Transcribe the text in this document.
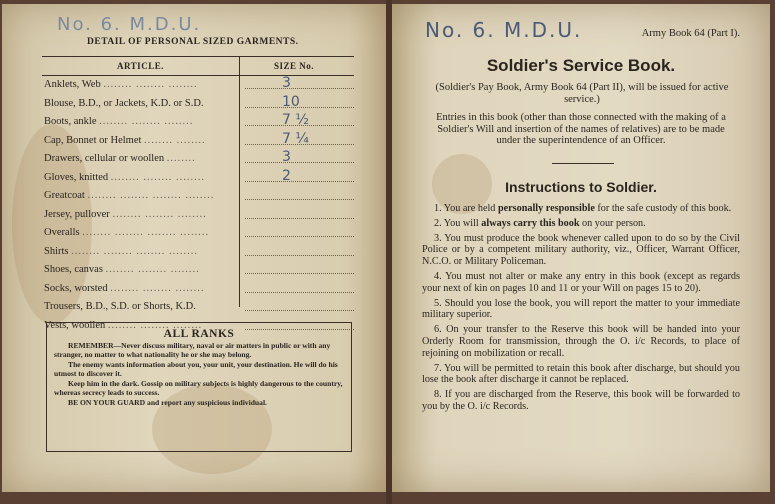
No. 6. M.D.U.
DETAIL OF PERSONAL SIZED GARMENTS.
ARTICLE.	SIZE No.
Anklets, Web ........ ........ ........	3
Blouse, B.D., or Jackets, K.D. or S.D.	10
Boots, ankle ........ ........ ........	7 ½
Cap, Bonnet or Helmet ........ ........	7 ¼
Drawers, cellular or woollen ........	3
Gloves, knitted ........ ........ ........	2
Greatcoat ........ ........ ........ ........
Jersey, pullover ........ ........ ........
Overalls ........ ........ ........ ........
Shirts ........ ........ ........ ........
Shoes, canvas ........ ........ ........
Socks, worsted ........ ........ ........
Trousers, B.D., S.D. or Shorts, K.D.
Vests, woollen ........ ........ ........
ALL RANKS

REMEMBER—Never discuss military, naval or air matters in public or with any stranger, no matter to what nationality he or she may belong.

The enemy wants information about you, your unit, your destination. He will do his utmost to discover it.

Keep him in the dark. Gossip on military subjects is highly dangerous to the country, whereas secrecy leads to success.

BE ON YOUR GUARD and report any suspicious individual.

No. 6. M.D.U.	Army Book 64 (Part I).
Soldier's Service Book.
(Soldier's Pay Book, Army Book 64 (Part II), will be issued for active service.)
Entries in this book (other than those connected with the making of a Soldier's Will and insertion of the names of relatives) are to be made under the superintendence of an Officer.
Instructions to Soldier.

1. You are held personally responsible for the safe custody of this book.

2. You will always carry this book on your person.

3. You must produce the book whenever called upon to do so by the Civil Police or by a competent military authority, viz., Officer, Warrant Officer, N.C.O. or Military Policeman.

4. You must not alter or make any entry in this book (except as regards your next of kin on pages 10 and 11 or your Will on pages 15 to 20).

5. Should you lose the book, you will report the matter to your immediate military superior.

6. On your transfer to the Reserve this book will be handed into your Orderly Room for transmission, through the O. i/c Records, to place of rejoining on mobilization or recall.

7. You will be permitted to retain this book after discharge, but should you lose the book after discharge it cannot be replaced.

8. If you are discharged from the Reserve, this book will be forwarded to you by the O. i/c Records.
